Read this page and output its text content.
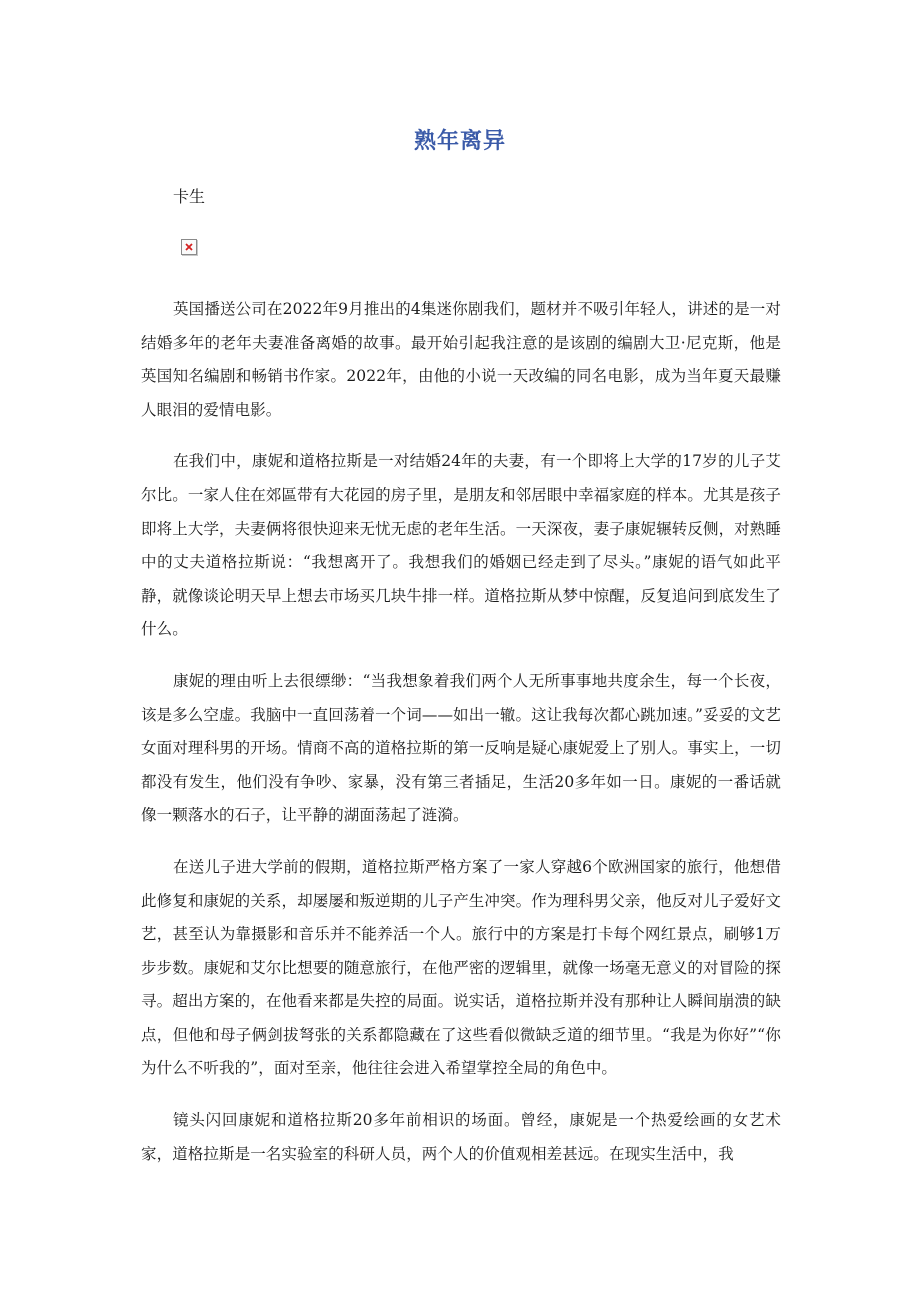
熟年离异
卡生

英国播送公司在2022年9月推出的4集迷你剧我们，题材并不吸引年轻人，讲述的是一对结婚多年的老年夫妻准备离婚的故事。最开始引起我注意的是该剧的编剧大卫·尼克斯，他是英国知名编剧和畅销书作家。2022年，由他的小说一天改编的同名电影，成为当年夏天最赚人眼泪的爱情电影。

在我们中，康妮和道格拉斯是一对结婚24年的夫妻，有一个即将上大学的17岁的儿子艾尔比。一家人住在郊區带有大花园的房子里，是朋友和邻居眼中幸福家庭的样本。尤其是孩子即将上大学，夫妻俩将很快迎来无忧无虑的老年生活。一天深夜，妻子康妮辗转反侧，对熟睡中的丈夫道格拉斯说：“我想离开了。我想我们的婚姻已经走到了尽头。”康妮的语气如此平静，就像谈论明天早上想去市场买几块牛排一样。道格拉斯从梦中惊醒，反复追问到底发生了什么。

康妮的理由听上去很缥缈：“当我想象着我们两个人无所事事地共度余生，每一个长夜，该是多么空虚。我脑中一直回荡着一个词——如出一辙。这让我每次都心跳加速。”妥妥的文艺女面对理科男的开场。情商不高的道格拉斯的第一反响是疑心康妮爱上了别人。事实上，一切都没有发生，他们没有争吵、家暴，没有第三者插足，生活20多年如一日。康妮的一番话就像一颗落水的石子，让平静的湖面荡起了涟漪。

在送儿子进大学前的假期，道格拉斯严格方案了一家人穿越6个欧洲国家的旅行，他想借此修复和康妮的关系，却屡屡和叛逆期的儿子产生冲突。作为理科男父亲，他反对儿子爱好文艺，甚至认为靠摄影和音乐并不能养活一个人。旅行中的方案是打卡每个网红景点，刷够1万步步数。康妮和艾尔比想要的随意旅行，在他严密的逻辑里，就像一场毫无意义的对冒险的探寻。超出方案的，在他看来都是失控的局面。说实话，道格拉斯并没有那种让人瞬间崩溃的缺点，但他和母子俩剑拔弩张的关系都隐藏在了这些看似微缺乏道的细节里。“我是为你好”“你为什么不听我的”，面对至亲，他往往会进入希望掌控全局的角色中。

镜头闪回康妮和道格拉斯20多年前相识的场面。曾经，康妮是一个热爱绘画的女艺术家，道格拉斯是一名实验室的科研人员，两个人的价值观相差甚远。在现实生活中，我
